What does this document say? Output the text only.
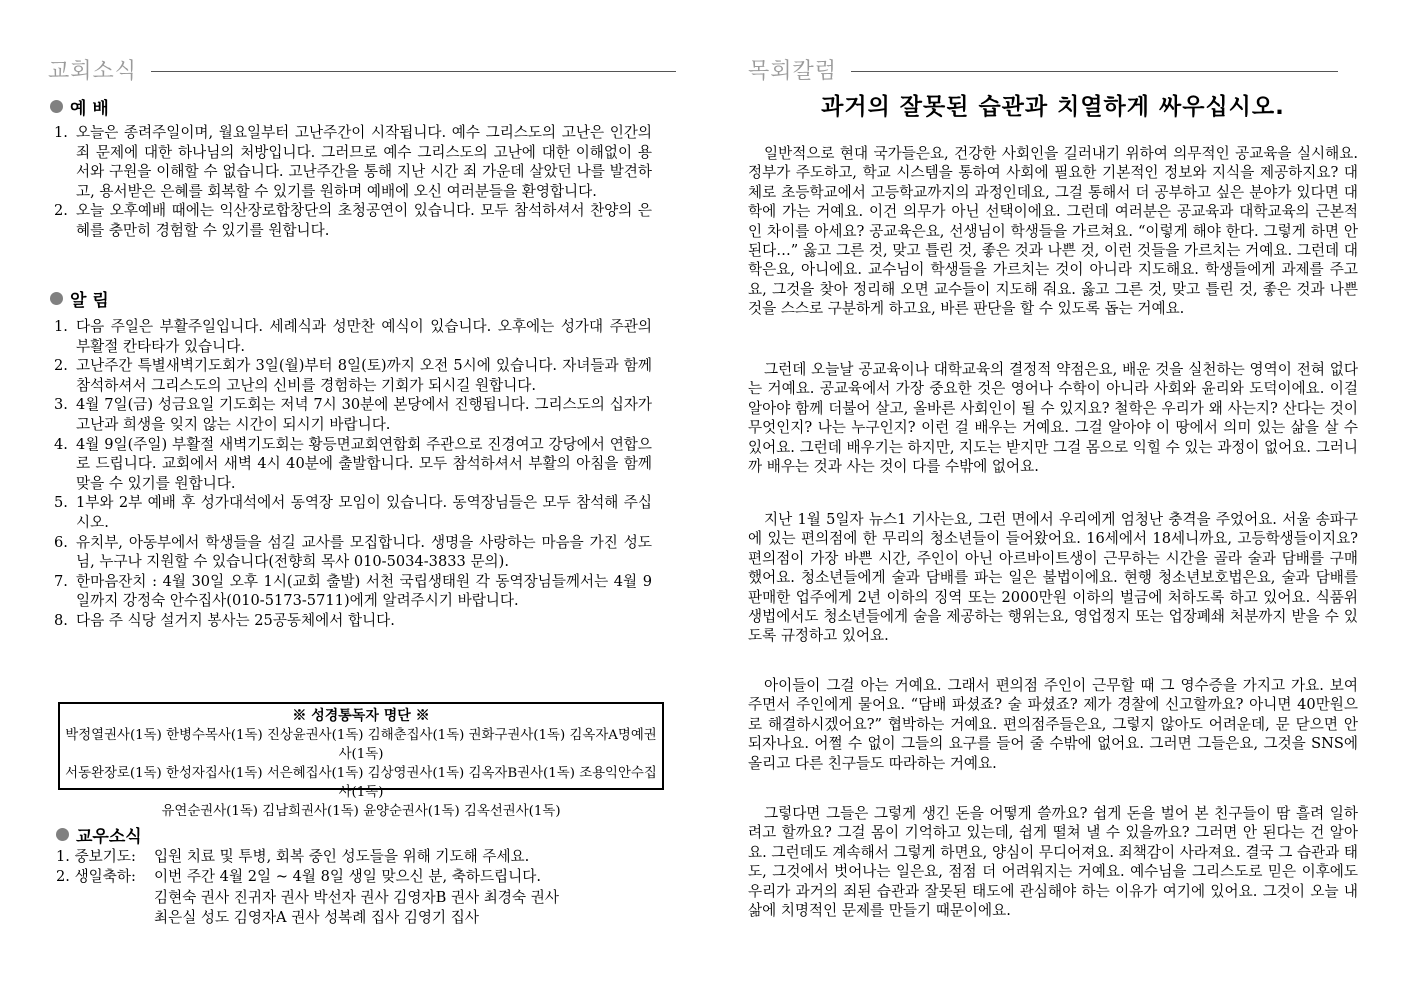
교회소식
예 배
1. 오늘은 종려주일이며, 월요일부터 고난주간이 시작됩니다. 예수 그리스도의 고난은 인간의 죄 문제에 대한 하나님의 처방입니다. 그러므로 예수 그리스도의 고난에 대한 이해없이 용서와 구원을 이해할 수 없습니다. 고난주간을 통해 지난 시간 죄 가운데 살았던 나를 발견하고, 용서받은 은혜를 회복할 수 있기를 원하며 예배에 오신 여러분들을 환영합니다.
2. 오늘 오후예배 때에는 익산장로합창단의 초청공연이 있습니다. 모두 참석하셔서 찬양의 은혜를 충만히 경험할 수 있기를 원합니다.
알 림
1. 다음 주일은 부활주일입니다. 세례식과 성만찬 예식이 있습니다. 오후에는 성가대 주관의 부활절 칸타타가 있습니다.
2. 고난주간 특별새벽기도회가 3일(월)부터 8일(토)까지 오전 5시에 있습니다. 자녀들과 함께 참석하셔서 그리스도의 고난의 신비를 경험하는 기회가 되시길 원합니다.
3. 4월 7일(금) 성금요일 기도회는 저녁 7시 30분에 본당에서 진행됩니다. 그리스도의 십자가 고난과 희생을 잊지 않는 시간이 되시기 바랍니다.
4. 4월 9일(주일) 부활절 새벽기도회는 황등면교회연합회 주관으로 진경여고 강당에서 연합으로 드립니다. 교회에서 새벽 4시 40분에 출발합니다. 모두 참석하셔서 부활의 아침을 함께 맞을 수 있기를 원합니다.
5. 1부와 2부 예배 후 성가대석에서 동역장 모임이 있습니다. 동역장님들은 모두 참석해 주십시오.
6. 유치부, 아동부에서 학생들을 섬길 교사를 모집합니다. 생명을 사랑하는 마음을 가진 성도님, 누구나 지원할 수 있습니다(전향희 목사 010-5034-3833 문의).
7. 한마음잔치 : 4월 30일 오후 1시(교회 출발) 서천 국립생태원 각 동역장님들께서는 4월 9일까지 강정숙 안수집사(010-5173-5711)에게 알려주시기 바랍니다.
8. 다음 주 식당 설거지 봉사는 25공동체에서 합니다.
※ 성경통독자 명단 ※
박정열권사(1독) 한병수목사(1독) 진상윤권사(1독) 김해춘집사(1독) 권화구권사(1독) 김옥자A명예권사(1독)
서동완장로(1독) 한성자집사(1독) 서은혜집사(1독) 김상영권사(1독) 김옥자B권사(1독) 조용익안수집사(1독)
유연순권사(1독) 김남희권사(1독) 윤양순권사(1독) 김옥선권사(1독)
교우소식
1. 중보기도:	입원 치료 및 투병, 회복 중인 성도들을 위해 기도해 주세요.
2. 생일축하:	이번 주간 4월 2일 ~ 4월 8일 생일 맞으신 분, 축하드립니다.
김현숙 권사 진귀자 권사 박선자 권사 김영자B 권사 최경숙 권사
최은실 성도 김영자A 권사 성복례 집사 김영기 집사
목회칼럼
과거의 잘못된 습관과 치열하게 싸우십시오.

일반적으로 현대 국가들은요, 건강한 사회인을 길러내기 위하여 의무적인 공교육을 실시해요. 정부가 주도하고, 학교 시스템을 통하여 사회에 필요한 기본적인 정보와 지식을 제공하지요? 대체로 초등학교에서 고등학교까지의 과정인데요, 그걸 통해서 더 공부하고 싶은 분야가 있다면 대학에 가는 거예요. 이건 의무가 아닌 선택이에요. 그런데 여러분은 공교육과 대학교육의 근본적인 차이를 아세요? 공교육은요, 선생님이 학생들을 가르쳐요. “이렇게 해야 한다. 그렇게 하면 안 된다…” 옳고 그른 것, 맞고 틀린 것, 좋은 것과 나쁜 것, 이런 것들을 가르치는 거예요. 그런데 대학은요, 아니에요. 교수님이 학생들을 가르치는 것이 아니라 지도해요. 학생들에게 과제를 주고요, 그것을 찾아 정리해 오면 교수들이 지도해 줘요. 옳고 그른 것, 맞고 틀린 것, 좋은 것과 나쁜 것을 스스로 구분하게 하고요, 바른 판단을 할 수 있도록 돕는 거예요.

그런데 오늘날 공교육이나 대학교육의 결정적 약점은요, 배운 것을 실천하는 영역이 전혀 없다는 거예요. 공교육에서 가장 중요한 것은 영어나 수학이 아니라 사회와 윤리와 도덕이에요. 이걸 알아야 함께 더불어 살고, 올바른 사회인이 될 수 있지요? 철학은 우리가 왜 사는지? 산다는 것이 무엇인지? 나는 누구인지? 이런 걸 배우는 거예요. 그걸 알아야 이 땅에서 의미 있는 삶을 살 수 있어요. 그런데 배우기는 하지만, 지도는 받지만 그걸 몸으로 익힐 수 있는 과정이 없어요. 그러니까 배우는 것과 사는 것이 다를 수밖에 없어요.

지난 1월 5일자 뉴스1 기사는요, 그런 면에서 우리에게 엄청난 충격을 주었어요. 서울 송파구에 있는 편의점에 한 무리의 청소년들이 들어왔어요. 16세에서 18세니까요, 고등학생들이지요? 편의점이 가장 바쁜 시간, 주인이 아닌 아르바이트생이 근무하는 시간을 골라 술과 담배를 구매했어요. 청소년들에게 술과 담배를 파는 일은 불법이에요. 현행 청소년보호법은요, 술과 담배를 판매한 업주에게 2년 이하의 징역 또는 2000만원 이하의 벌금에 처하도록 하고 있어요. 식품위생법에서도 청소년들에게 술을 제공하는 행위는요, 영업정지 또는 업장폐쇄 처분까지 받을 수 있도록 규정하고 있어요.

아이들이 그걸 아는 거예요. 그래서 편의점 주인이 근무할 때 그 영수증을 가지고 가요. 보여 주면서 주인에게 물어요. “담배 파셨죠? 술 파셨죠? 제가 경찰에 신고할까요? 아니면 40만원으로 해결하시겠어요?” 협박하는 거예요. 편의점주들은요, 그렇지 않아도 어려운데, 문 닫으면 안 되자나요. 어쩔 수 없이 그들의 요구를 들어 줄 수밖에 없어요. 그러면 그들은요, 그것을 SNS에 올리고 다른 친구들도 따라하는 거예요.

그렇다면 그들은 그렇게 생긴 돈을 어떻게 쓸까요? 쉽게 돈을 벌어 본 친구들이 땀 흘려 일하려고 할까요? 그걸 몸이 기억하고 있는데, 쉽게 떨쳐 낼 수 있을까요? 그러면 안 된다는 건 알아요. 그런데도 계속해서 그렇게 하면요, 양심이 무디어져요. 죄책감이 사라져요. 결국 그 습관과 태도, 그것에서 벗어나는 일은요, 점점 더 어려워지는 거예요. 예수님을 그리스도로 믿은 이후에도 우리가 과거의 죄된 습관과 잘못된 태도에 관심해야 하는 이유가 여기에 있어요. 그것이 오늘 내 삶에 치명적인 문제를 만들기 때문이에요.
